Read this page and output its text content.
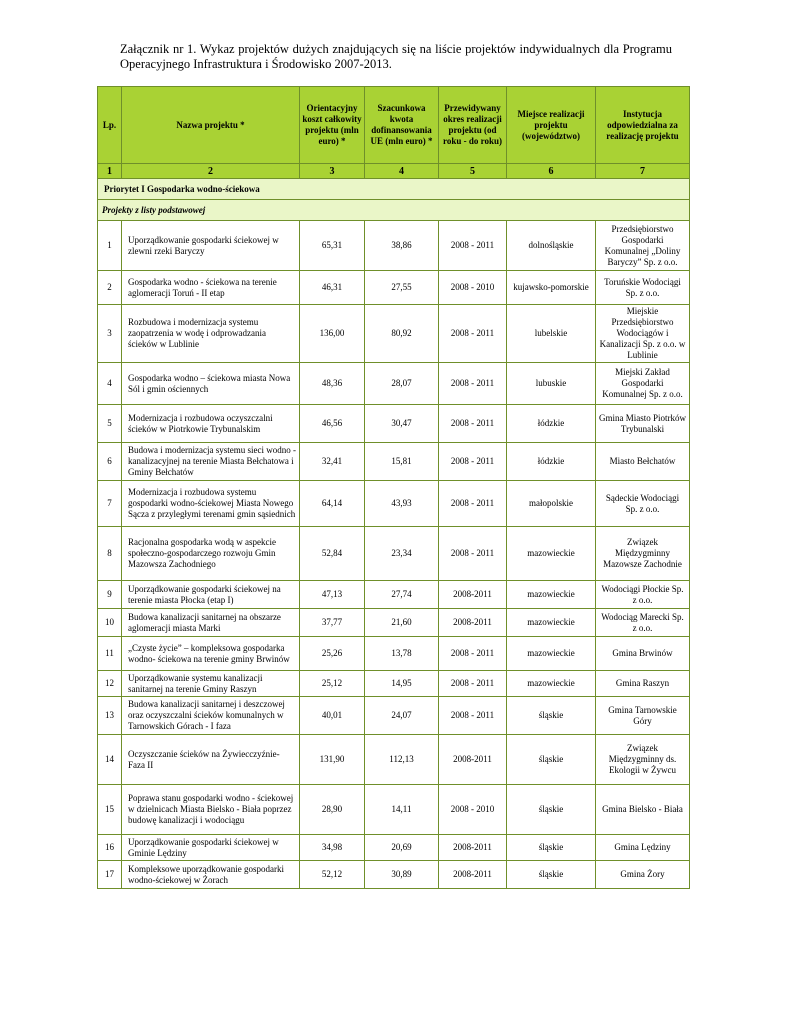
Załącznik nr 1. Wykaz projektów dużych znajdujących się na liście projektów indywidualnych dla Programu Operacyjnego Infrastruktura i Środowisko 2007-2013.
Lp.	Nazwa projektu *	Orientacyjny koszt całkowity projektu (mln euro) *	Szacunkowa kwota dofinansowania UE (mln euro) *	Przewidywany okres realizacji projektu (od roku - do roku)	Miejsce realizacji projektu (województwo)	Instytucja odpowiedzialna za realizację projektu
1	2	3	4	5	6	7
Priorytet I Gospodarka wodno-ściekowa						
Projekty z listy podstawowej						
1	Uporządkowanie gospodarki ściekowej w zlewni rzeki Baryczy	65,31	38,86	2008 - 2011	dolnośląskie	Przedsiębiorstwo Gospodarki Komunalnej „Doliny Baryczy” Sp. z o.o.
2	Gospodarka wodno - ściekowa na terenie aglomeracji Toruń - II etap	46,31	27,55	2008 - 2010	kujawsko-pomorskie	Toruńskie Wodociągi Sp. z o.o.
3	Rozbudowa i modernizacja systemu zaopatrzenia w wodę i odprowadzania ścieków w Lublinie	136,00	80,92	2008 - 2011	lubelskie	Miejskie Przedsiębiorstwo Wodociągów i Kanalizacji Sp. z o.o. w Lublinie
4	Gospodarka wodno – ściekowa miasta Nowa Sól i gmin ościennych	48,36	28,07	2008 - 2011	lubuskie	Miejski Zakład Gospodarki Komunalnej Sp. z o.o.
5	Modernizacja i rozbudowa oczyszczalni ścieków w Piotrkowie Trybunalskim	46,56	30,47	2008 - 2011	łódzkie	Gmina Miasto Piotrków Trybunalski
6	Budowa i modernizacja systemu sieci wodno - kanalizacyjnej na terenie Miasta Bełchatowa i Gminy Bełchatów	32,41	15,81	2008 - 2011	łódzkie	Miasto Bełchatów
7	Modernizacja i rozbudowa systemu gospodarki wodno-ściekowej Miasta Nowego Sącza z przyległymi terenami gmin sąsiednich	64,14	43,93	2008 - 2011	małopolskie	Sądeckie Wodociągi Sp. z o.o.
8	Racjonalna gospodarka wodą w aspekcie społeczno-gospodarczego rozwoju Gmin Mazowsza Zachodniego	52,84	23,34	2008 - 2011	mazowieckie	Związek Międzygminny Mazowsze Zachodnie
9	Uporządkowanie gospodarki ściekowej na terenie miasta Płocka (etap I)	47,13	27,74	2008-2011	mazowieckie	Wodociągi Płockie Sp. z o.o.
10	Budowa kanalizacji sanitarnej na obszarze aglomeracji miasta Marki	37,77	21,60	2008-2011	mazowieckie	Wodociąg Marecki Sp. z o.o.
11	„Czyste życie” – kompleksowa gospodarka wodno- ściekowa na terenie gminy Brwinów	25,26	13,78	2008 - 2011	mazowieckie	Gmina Brwinów
12	Uporządkowanie systemu kanalizacji sanitarnej na terenie Gminy Raszyn	25,12	14,95	2008 - 2011	mazowieckie	Gmina Raszyn
13	Budowa kanalizacji sanitarnej i deszczowej oraz oczyszczalni ścieków komunalnych w Tarnowskich Górach - I faza	40,01	24,07	2008 - 2011	śląskie	Gmina Tarnowskie Góry
14	Oczyszczanie ścieków na Żywiecczyźnie- Faza II	131,90	112,13	2008-2011	śląskie	Związek Międzygminny ds. Ekologii w Żywcu
15	Poprawa stanu gospodarki wodno - ściekowej w dzielnicach Miasta Bielsko - Biała poprzez budowę kanalizacji i wodociągu	28,90	14,11	2008 - 2010	śląskie	Gmina Bielsko - Biała
16	Uporządkowanie gospodarki ściekowej w Gminie Lędziny	34,98	20,69	2008-2011	śląskie	Gmina Lędziny
17	Kompleksowe uporządkowanie gospodarki wodno-ściekowej w Żorach	52,12	30,89	2008-2011	śląskie	Gmina Żory
